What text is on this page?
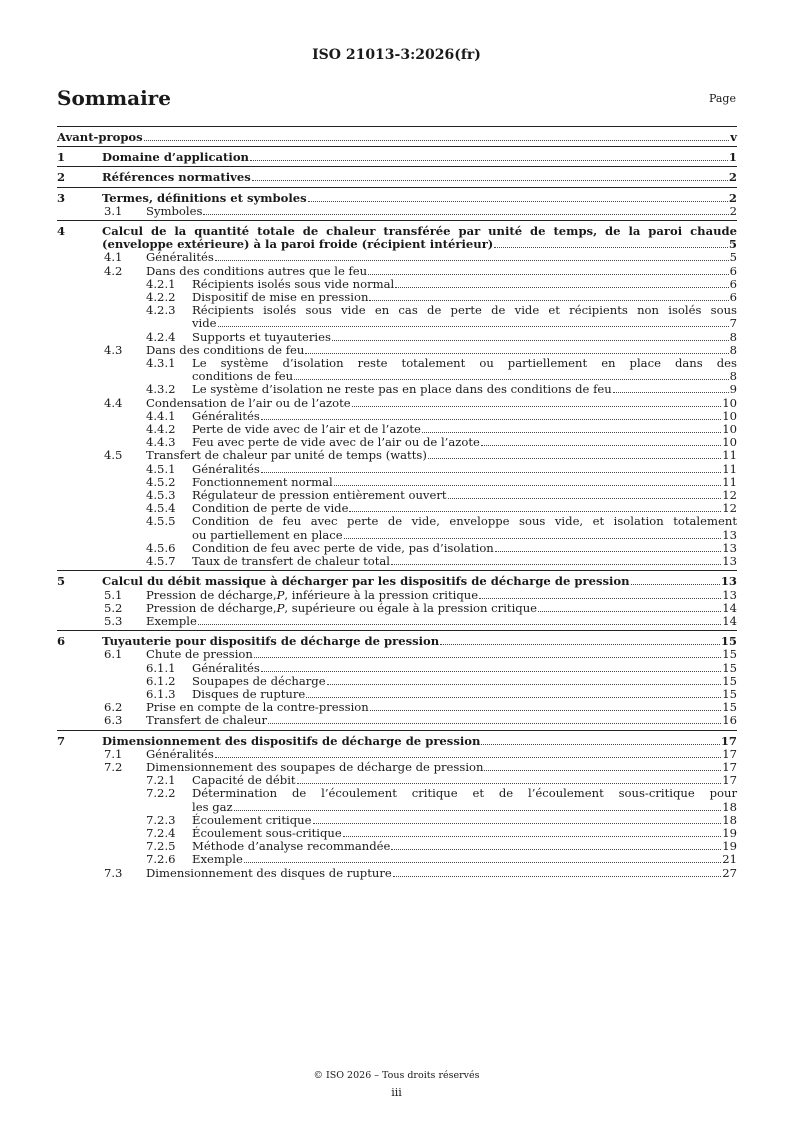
ISO 21013-3:2026(fr)
Sommaire	Page
Avant-propos	v
1	Domaine d’application	1
2	Références normatives	2
3	Termes, définitions et symboles	2
3.1 Symboles	2
4	Calcul de la quantité totale de chaleur transférée par unité de temps, de la paroi chaude
(enveloppe extérieure) à la paroi froide (récipient intérieur)	5
4.1 Généralités	5
4.2 Dans des conditions autres que le feu	6
4.2.1 Récipients isolés sous vide normal	6
4.2.2 Dispositif de mise en pression	6
4.2.3 Récipients isolés sous vide en cas de perte de vide et récipients non isolés sous
vide	7
4.2.4 Supports et tuyauteries	8
4.3 Dans des conditions de feu	8
4.3.1 Le système d’isolation reste totalement ou partiellement en place dans des
conditions de feu	8
4.3.2 Le système d’isolation ne reste pas en place dans des conditions de feu	9
4.4 Condensation de l’air ou de l’azote	10
4.4.1 Généralités	10
4.4.2 Perte de vide avec de l’air et de l’azote	10
4.4.3 Feu avec perte de vide avec de l’air ou de l’azote	10
4.5 Transfert de chaleur par unité de temps (watts)	11
4.5.1 Généralités	11
4.5.2 Fonctionnement normal	11
4.5.3 Régulateur de pression entièrement ouvert	12
4.5.4 Condition de perte de vide	12
4.5.5 Condition de feu avec perte de vide, enveloppe sous vide, et isolation totalement
ou partiellement en place	13
4.5.6 Condition de feu avec perte de vide, pas d’isolation	13
4.5.7 Taux de transfert de chaleur total	13
5	Calcul du débit massique à décharger par les dispositifs de décharge de pression	13
5.1 Pression de décharge,P, inférieure à la pression critique	13
5.2 Pression de décharge,P, supérieure ou égale à la pression critique	14
5.3 Exemple	14
6	Tuyauterie pour dispositifs de décharge de pression	15
6.1 Chute de pression	15
6.1.1 Généralités	15
6.1.2 Soupapes de décharge	15
6.1.3 Disques de rupture	15
6.2 Prise en compte de la contre-pression	15
6.3 Transfert de chaleur	16
7	Dimensionnement des dispositifs de décharge de pression	17
7.1 Généralités	17
7.2 Dimensionnement des soupapes de décharge de pression	17
7.2.1 Capacité de débit	17
7.2.2 Détermination de l’écoulement critique et de l’écoulement sous-critique pour
les gaz	18
7.2.3 Écoulement critique	18
7.2.4 Écoulement sous-critique	19
7.2.5 Méthode d’analyse recommandée	19
7.2.6 Exemple	21
7.3 Dimensionnement des disques de rupture	27
© ISO 2026 – Tous droits réservés
iii
